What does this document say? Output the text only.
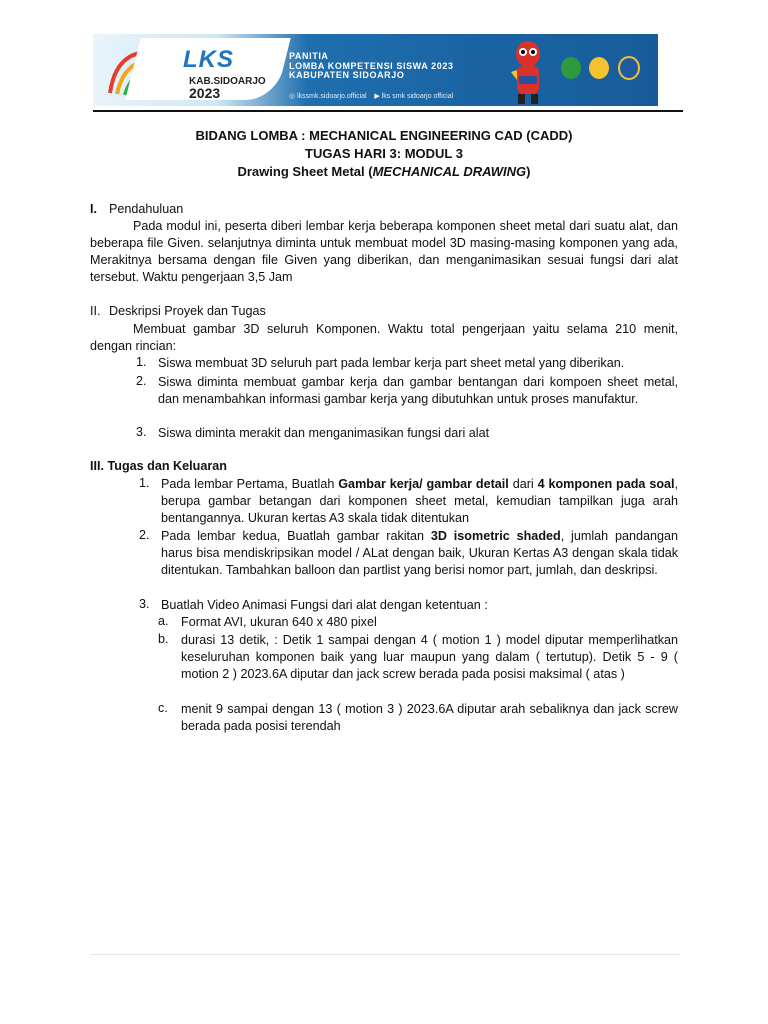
LKS
KAB.SIDOARJO
2023
PANITIA
LOMBA KOMPETENSI SISWA 2023
KABUPATEN SIDOARJO
◎ lkssmk.sidoarjo.official ▶ lks smk sidoarjo official

BIDANG LOMBA : MECHANICAL ENGINEERING CAD (CADD)
TUGAS HARI 3: MODUL 3
Drawing Sheet Metal (MECHANICAL DRAWING)
I. Pendahuluan
Pada modul ini, peserta diberi lembar kerja beberapa komponen sheet metal dari suatu alat, dan beberapa file Given. selanjutnya diminta untuk membuat model 3D masing-masing komponen yang ada, Merakitnya bersama dengan file Given yang diberikan, dan menganimasikan sesuai fungsi dari alat tersebut. Waktu pengerjaan 3,5 Jam
II. Deskripsi Proyek dan Tugas
Membuat gambar 3D seluruh Komponen. Waktu total pengerjaan yaitu selama 210 menit, dengan rincian:
1. Siswa membuat 3D seluruh part pada lembar kerja part sheet metal yang diberikan.
2. Siswa diminta membuat gambar kerja dan gambar bentangan dari kompoen sheet metal, dan menambahkan informasi gambar kerja yang dibutuhkan untuk proses manufaktur.
3. Siswa diminta merakit dan menganimasikan fungsi dari alat
III. Tugas dan Keluaran
1. Pada lembar Pertama, Buatlah Gambar kerja/ gambar detail dari 4 komponen pada soal, berupa gambar betangan dari komponen sheet metal, kemudian tampilkan juga arah bentangannya. Ukuran kertas A3 skala tidak ditentukan
2. Pada lembar kedua, Buatlah gambar rakitan 3D isometric shaded, jumlah pandangan harus bisa mendiskripsikan model / ALat dengan baik, Ukuran Kertas A3 dengan skala tidak ditentukan. Tambahkan balloon dan partlist yang berisi nomor part, jumlah, dan deskripsi.
3. Buatlah Video Animasi Fungsi dari alat dengan ketentuan :
a. Format AVI, ukuran 640 x 480 pixel
b. durasi 13 detik, : Detik 1 sampai dengan 4 ( motion 1 ) model diputar memperlihatkan keseluruhan komponen baik yang luar maupun yang dalam ( tertutup). Detik 5 - 9 ( motion 2 ) 2023.6A diputar dan jack screw berada pada posisi maksimal ( atas )
c. menit 9 sampai dengan 13 ( motion 3 ) 2023.6A diputar arah sebaliknya dan jack screw berada pada posisi terendah
